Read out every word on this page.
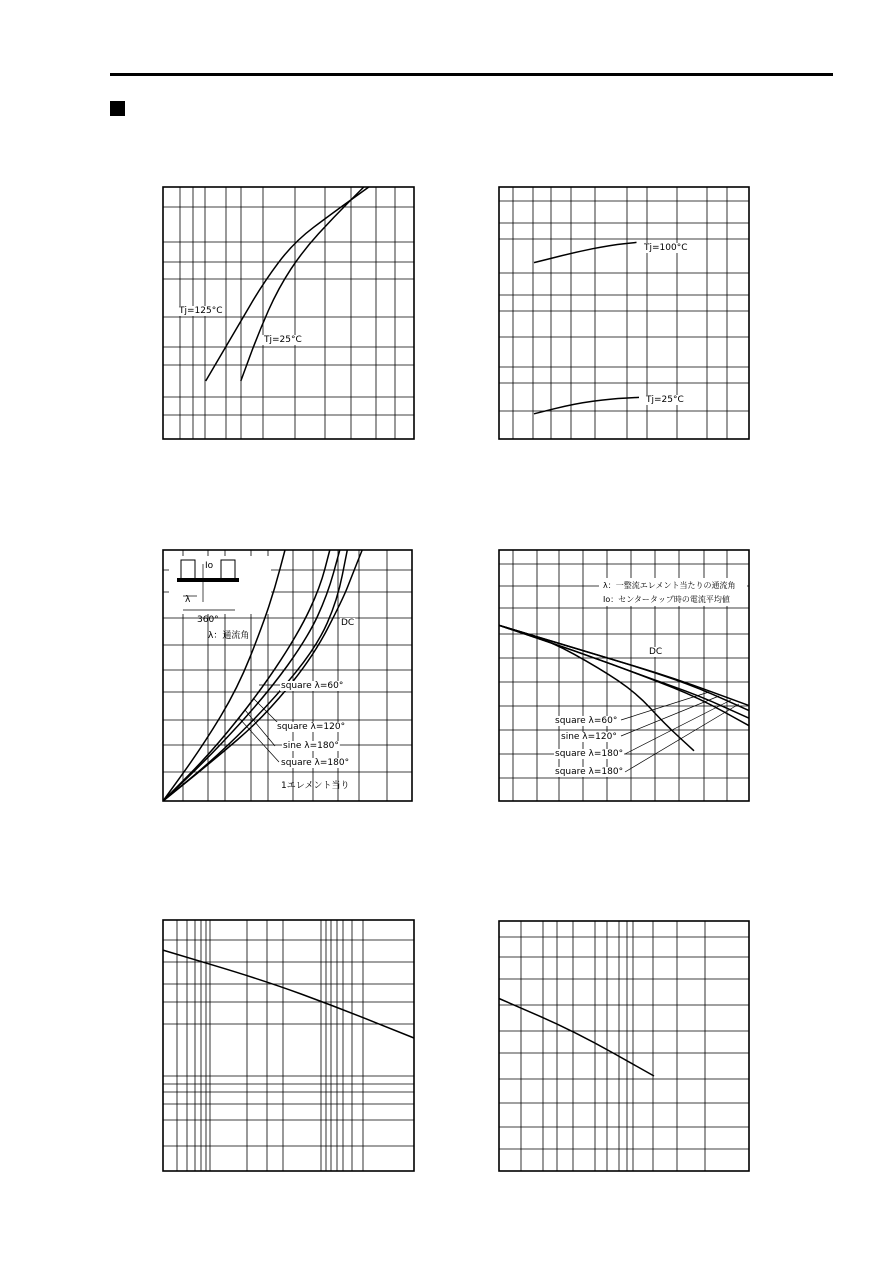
Tj=125°C
Tj=25°C
Tj=100°C
Tj=25°C
Io
λ
360°
λ：通流角
DC
square λ=60°
square λ=120°
sine λ=180°
square λ=180°
1エレメント当り
λ：一整流エレメント当たりの通流角
Io：センタータップ時の電流平均値
DC
square λ=60°
sine λ=120°
square λ=180°
square λ=180°
